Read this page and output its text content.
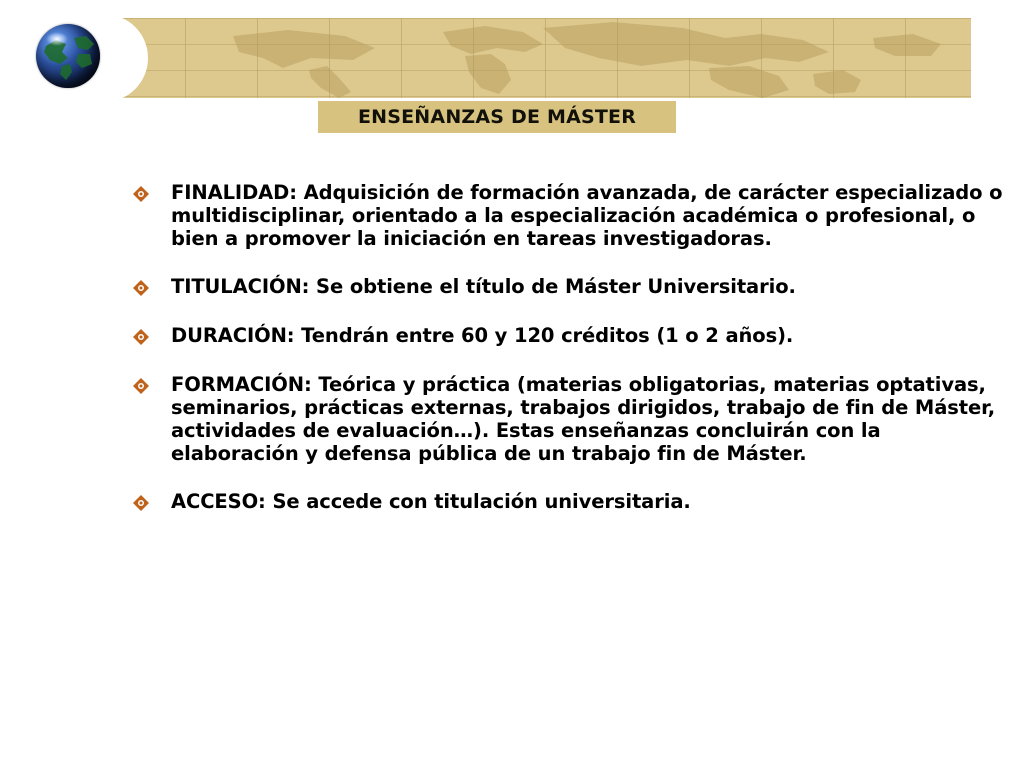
ENSEÑANZAS DE MÁSTER
FINALIDAD: Adquisición de formación avanzada, de carácter especializado o multidisciplinar, orientado a la especialización académica o profesional, o bien a promover la iniciación en tareas investigadoras.
TITULACIÓN: Se obtiene el título de Máster Universitario.
DURACIÓN: Tendrán entre 60 y 120 créditos (1 o 2 años).
FORMACIÓN: Teórica y práctica (materias obligatorias, materias optativas, seminarios, prácticas externas, trabajos dirigidos, trabajo de fin de Máster, actividades de evaluación…). Estas enseñanzas concluirán con la elaboración y defensa pública de un trabajo fin de Máster.
ACCESO: Se accede con titulación universitaria.
